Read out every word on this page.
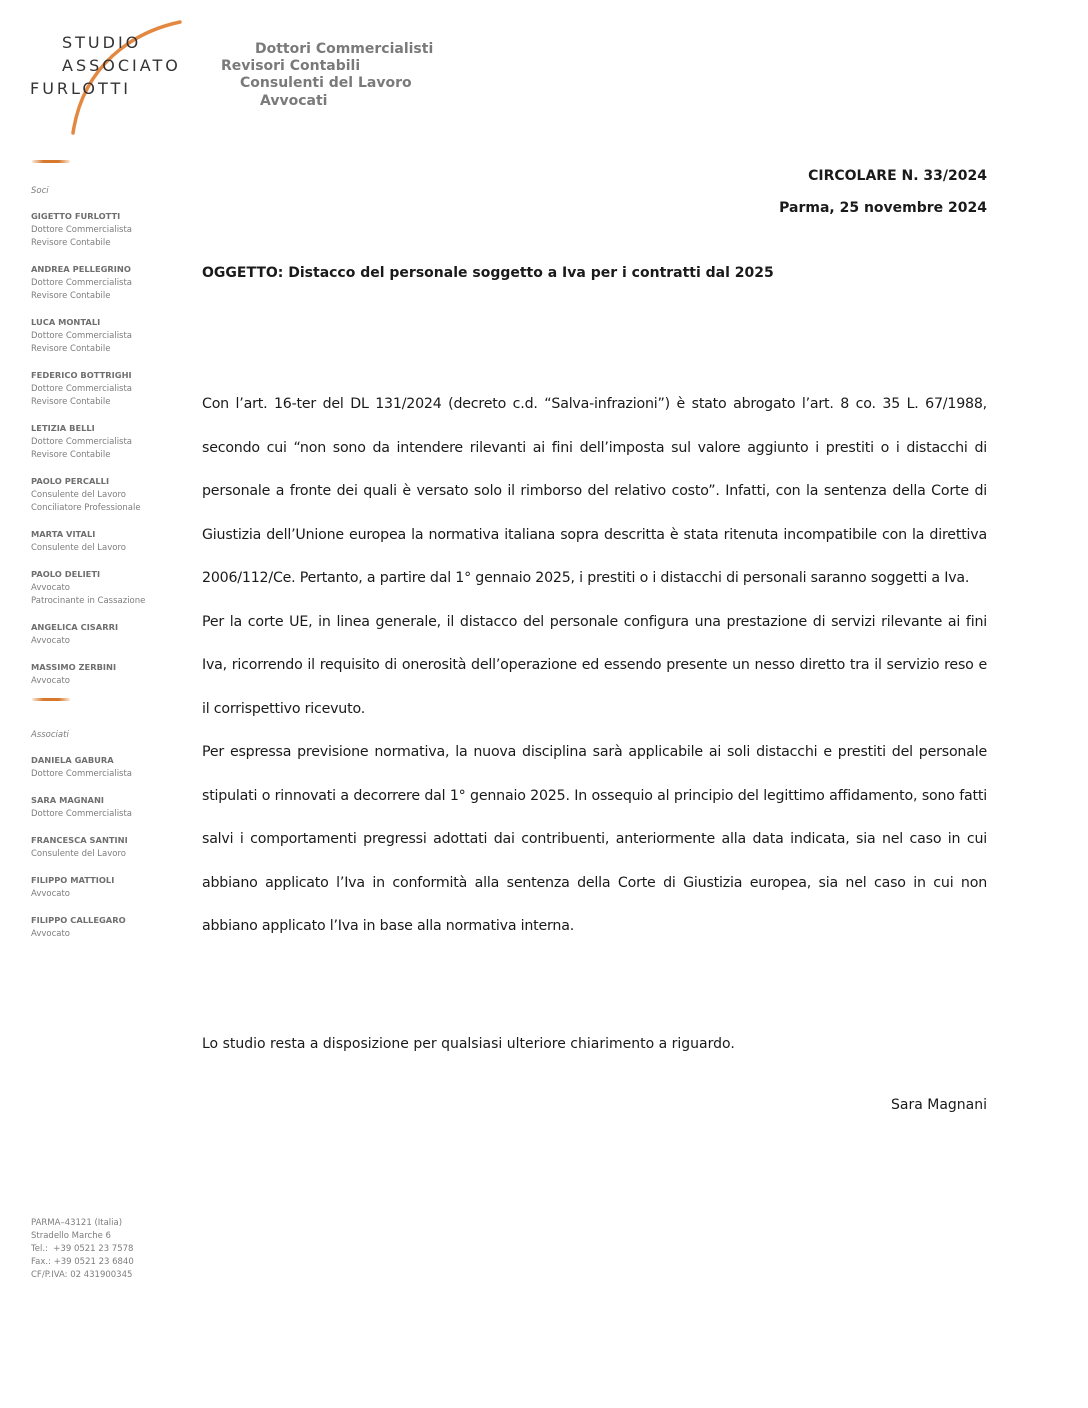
STUDIO
ASSOCIATO
FURLOTTI
Dottori Commercialisti
Revisori Contabili
Consulenti del Lavoro
Avvocati
Soci
GIGETTO FURLOTTI
Dottore Commercialista
Revisore Contabile
ANDREA PELLEGRINO
Dottore Commercialista
Revisore Contabile
LUCA MONTALI
Dottore Commercialista
Revisore Contabile
FEDERICO BOTTRIGHI
Dottore Commercialista
Revisore Contabile
LETIZIA BELLI
Dottore Commercialista
Revisore Contabile
PAOLO PERCALLI
Consulente del Lavoro
Conciliatore Professionale
MARTA VITALI
Consulente del Lavoro
PAOLO DELIETI
Avvocato
Patrocinante in Cassazione
ANGELICA CISARRI
Avvocato
MASSIMO ZERBINI
Avvocato
Associati
DANIELA GABURA
Dottore Commercialista
SARA MAGNANI
Dottore Commercialista
FRANCESCA SANTINI
Consulente del Lavoro
FILIPPO MATTIOLI
Avvocato
FILIPPO CALLEGARO
Avvocato
PARMA–43121 (Italia)
Stradello Marche 6
Tel.:  +39 0521 23 7578
Fax.: +39 0521 23 6840
CF/P.IVA: 02 431900345
CIRCOLARE N. 33/2024
Parma, 25 novembre 2024
OGGETTO: Distacco del personale soggetto a Iva per i contratti dal 2025

Con l’art. 16-ter del DL 131/2024 (decreto c.d. “Salva-infrazioni”) è stato abrogato l’art. 8 co. 35 L. 67/1988, secondo cui “non sono da intendere rilevanti ai fini dell’imposta sul valore aggiunto i prestiti o i distacchi di personale a fronte dei quali è versato solo il rimborso del relativo costo”. Infatti, con la sentenza della Corte di Giustizia dell’Unione europea la normativa italiana sopra descritta è stata ritenuta incompatibile con la direttiva 2006/112/Ce. Pertanto, a partire dal 1° gennaio 2025, i prestiti o i distacchi di personali saranno soggetti a Iva.

Per la corte UE, in linea generale, il distacco del personale configura una prestazione di servizi rilevante ai fini Iva, ricorrendo il requisito di onerosità dell’operazione ed essendo presente un nesso diretto tra il servizio reso e il corrispettivo ricevuto.

Per espressa previsione normativa, la nuova disciplina sarà applicabile ai soli distacchi e prestiti del personale stipulati o rinnovati a decorrere dal 1° gennaio 2025. In ossequio al principio del legittimo affidamento, sono fatti salvi i comportamenti pregressi adottati dai contribuenti, anteriormente alla data indicata, sia nel caso in cui abbiano applicato l’Iva in conformità alla sentenza della Corte di Giustizia europea, sia nel caso in cui non abbiano applicato l’Iva in base alla normativa interna.

Lo studio resta a disposizione per qualsiasi ulteriore chiarimento a riguardo.
Sara Magnani
